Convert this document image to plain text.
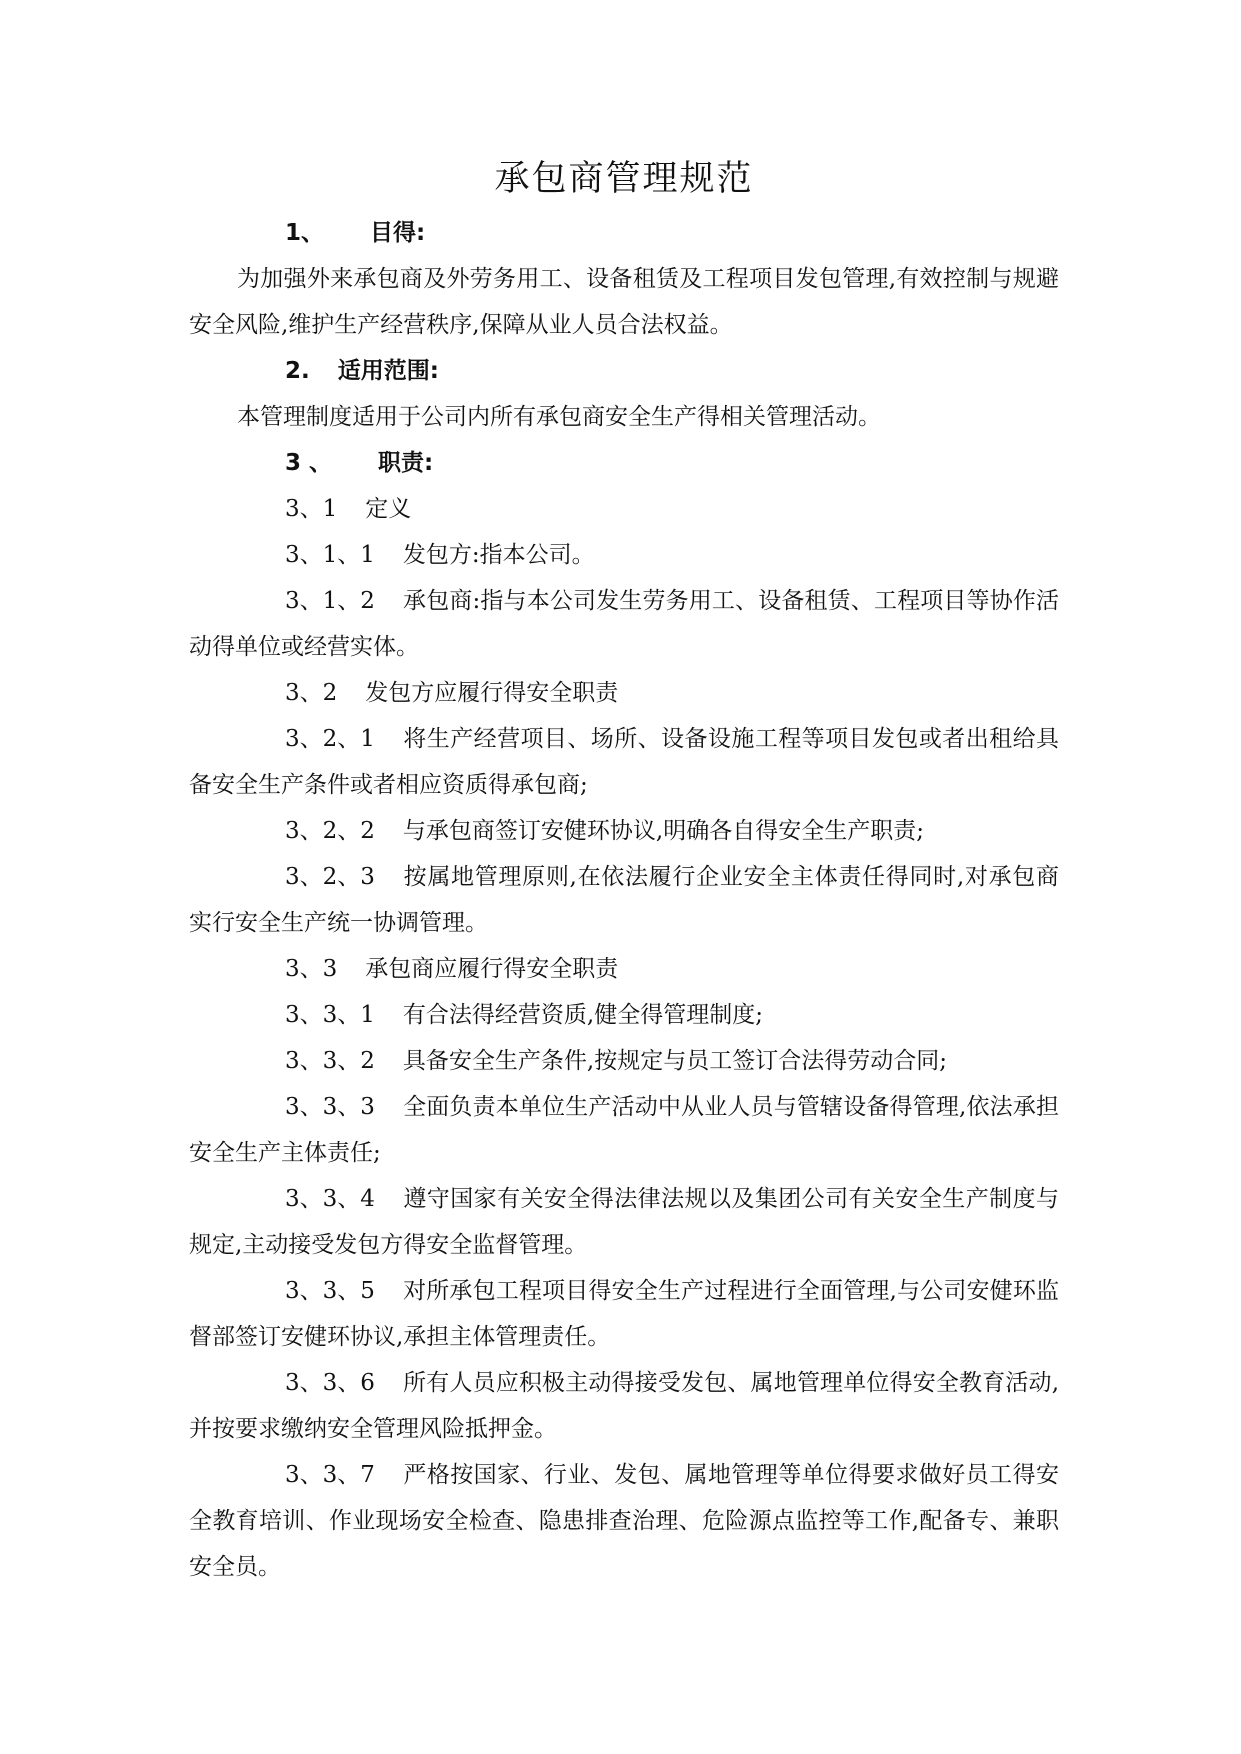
承包商管理规范

1、 目得:

为加强外来承包商及外劳务用工、设备租赁及工程项目发包管理,有效控制与规避安全风险,维护生产经营秩序,保障从业人员合法权益。

2. 适用范围:

本管理制度适用于公司内所有承包商安全生产得相关管理活动。

3 、 职责:

3、1 定义

3、1、1 发包方:指本公司。

3、1、2 承包商:指与本公司发生劳务用工、设备租赁、工程项目等协作活动得单位或经营实体。

3、2 发包方应履行得安全职责

3、2、1 将生产经营项目、场所、设备设施工程等项目发包或者出租给具备安全生产条件或者相应资质得承包商;

3、2、2 与承包商签订安健环协议,明确各自得安全生产职责;

3、2、3 按属地管理原则,在依法履行企业安全主体责任得同时,对承包商实行安全生产统一协调管理。

3、3 承包商应履行得安全职责

3、3、1 有合法得经营资质,健全得管理制度;

3、3、2 具备安全生产条件,按规定与员工签订合法得劳动合同;

3、3、3 全面负责本单位生产活动中从业人员与管辖设备得管理,依法承担安全生产主体责任;

3、3、4 遵守国家有关安全得法律法规以及集团公司有关安全生产制度与规定,主动接受发包方得安全监督管理。

3、3、5 对所承包工程项目得安全生产过程进行全面管理,与公司安健环监督部签订安健环协议,承担主体管理责任。

3、3、6 所有人员应积极主动得接受发包、属地管理单位得安全教育活动,并按要求缴纳安全管理风险抵押金。

3、3、7 严格按国家、行业、发包、属地管理等单位得要求做好员工得安全教育培训、作业现场安全检查、隐患排查治理、危险源点监控等工作,配备专、兼职安全员。
